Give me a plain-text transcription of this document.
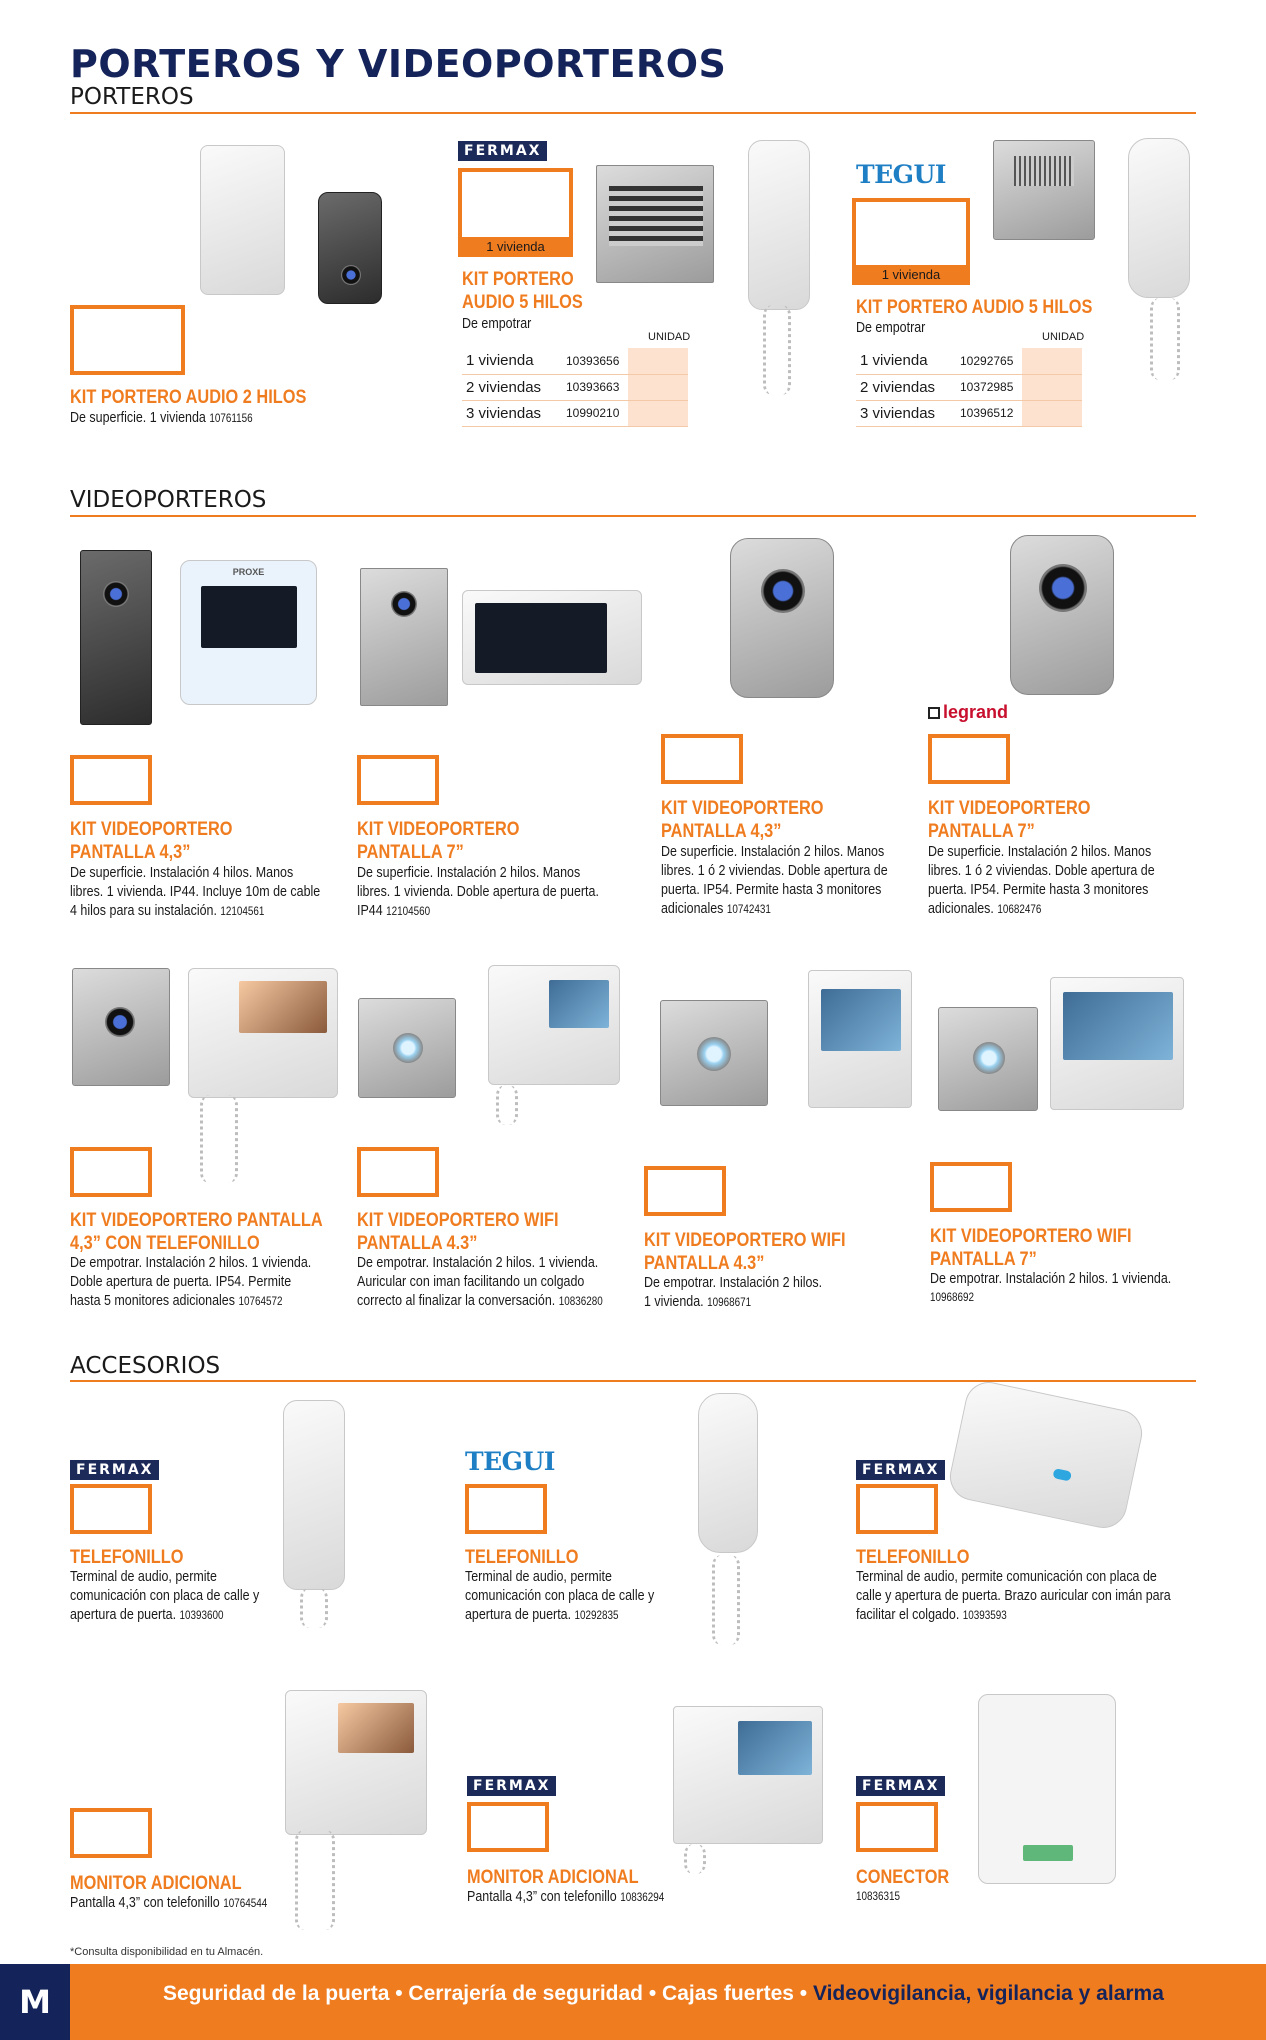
PORTEROS Y VIDEOPORTEROS
PORTEROS
KIT PORTERO AUDIO 2 HILOS
De superficie. 1 vivienda 10761156
FERMAX
1 vivienda
KIT PORTERO
AUDIO 5 HILOS
De empotrar
UNIDAD
1 vivienda	10393656	
2 viviendas	10393663	
3 viviendas	10990210	
TEGUI
1 vivienda
KIT PORTERO AUDIO 5 HILOS
De empotrar
UNIDAD
1 vivienda	10292765	
2 viviendas	10372985	
3 viviendas	10396512	
VIDEOPORTEROS
PROXE
legrand
KIT VIDEOPORTERO
PANTALLA 4,3”
De superficie. Instalación 4 hilos. Manos
libres. 1 vivienda. IP44. Incluye 10m de cable
4 hilos para su instalación. 12104561
KIT VIDEOPORTERO
PANTALLA 7”
De superficie. Instalación 2 hilos. Manos
libres. 1 vivienda. Doble apertura de puerta.
IP44 12104560
KIT VIDEOPORTERO
PANTALLA 4,3”
De superficie. Instalación 2 hilos. Manos
libres. 1 ó 2 viviendas. Doble apertura de
puerta. IP54. Permite hasta 3 monitores
adicionales 10742431
KIT VIDEOPORTERO
PANTALLA 7”
De superficie. Instalación 2 hilos. Manos
libres. 1 ó 2 viviendas. Doble apertura de
puerta. IP54. Permite hasta 3 monitores
adicionales. 10682476
KIT VIDEOPORTERO PANTALLA
4,3” CON TELEFONILLO
De empotrar. Instalación 2 hilos. 1 vivienda.
Doble apertura de puerta. IP54. Permite
hasta 5 monitores adicionales 10764572
KIT VIDEOPORTERO WIFI
PANTALLA 4.3”
De empotrar. Instalación 2 hilos. 1 vivienda.
Auricular con iman facilitando un colgado
correcto al finalizar la conversación. 10836280
KIT VIDEOPORTERO WIFI
PANTALLA 4.3”
De empotrar. Instalación 2 hilos.
1 vivienda. 10968671
KIT VIDEOPORTERO WIFI
PANTALLA 7”
De empotrar. Instalación 2 hilos. 1 vivienda.
10968692
ACCESORIOS
FERMAX
TELEFONILLO
Terminal de audio, permite
comunicación con placa de calle y
apertura de puerta. 10393600
TEGUI
TELEFONILLO
Terminal de audio, permite
comunicación con placa de calle y
apertura de puerta. 10292835
FERMAX
TELEFONILLO
Terminal de audio, permite comunicación con placa de
calle y apertura de puerta. Brazo auricular con imán para
facilitar el colgado. 10393593
MONITOR ADICIONAL
Pantalla 4,3” con telefonillo 10764544
FERMAX
MONITOR ADICIONAL
Pantalla 4,3” con telefonillo 10836294
FERMAX
CONECTOR
10836315
*Consulta disponibilidad en tu Almacén.
M	Seguridad de la puerta • Cerrajería de seguridad • Cajas fuertes • Videovigilancia, vigilancia y alarma
